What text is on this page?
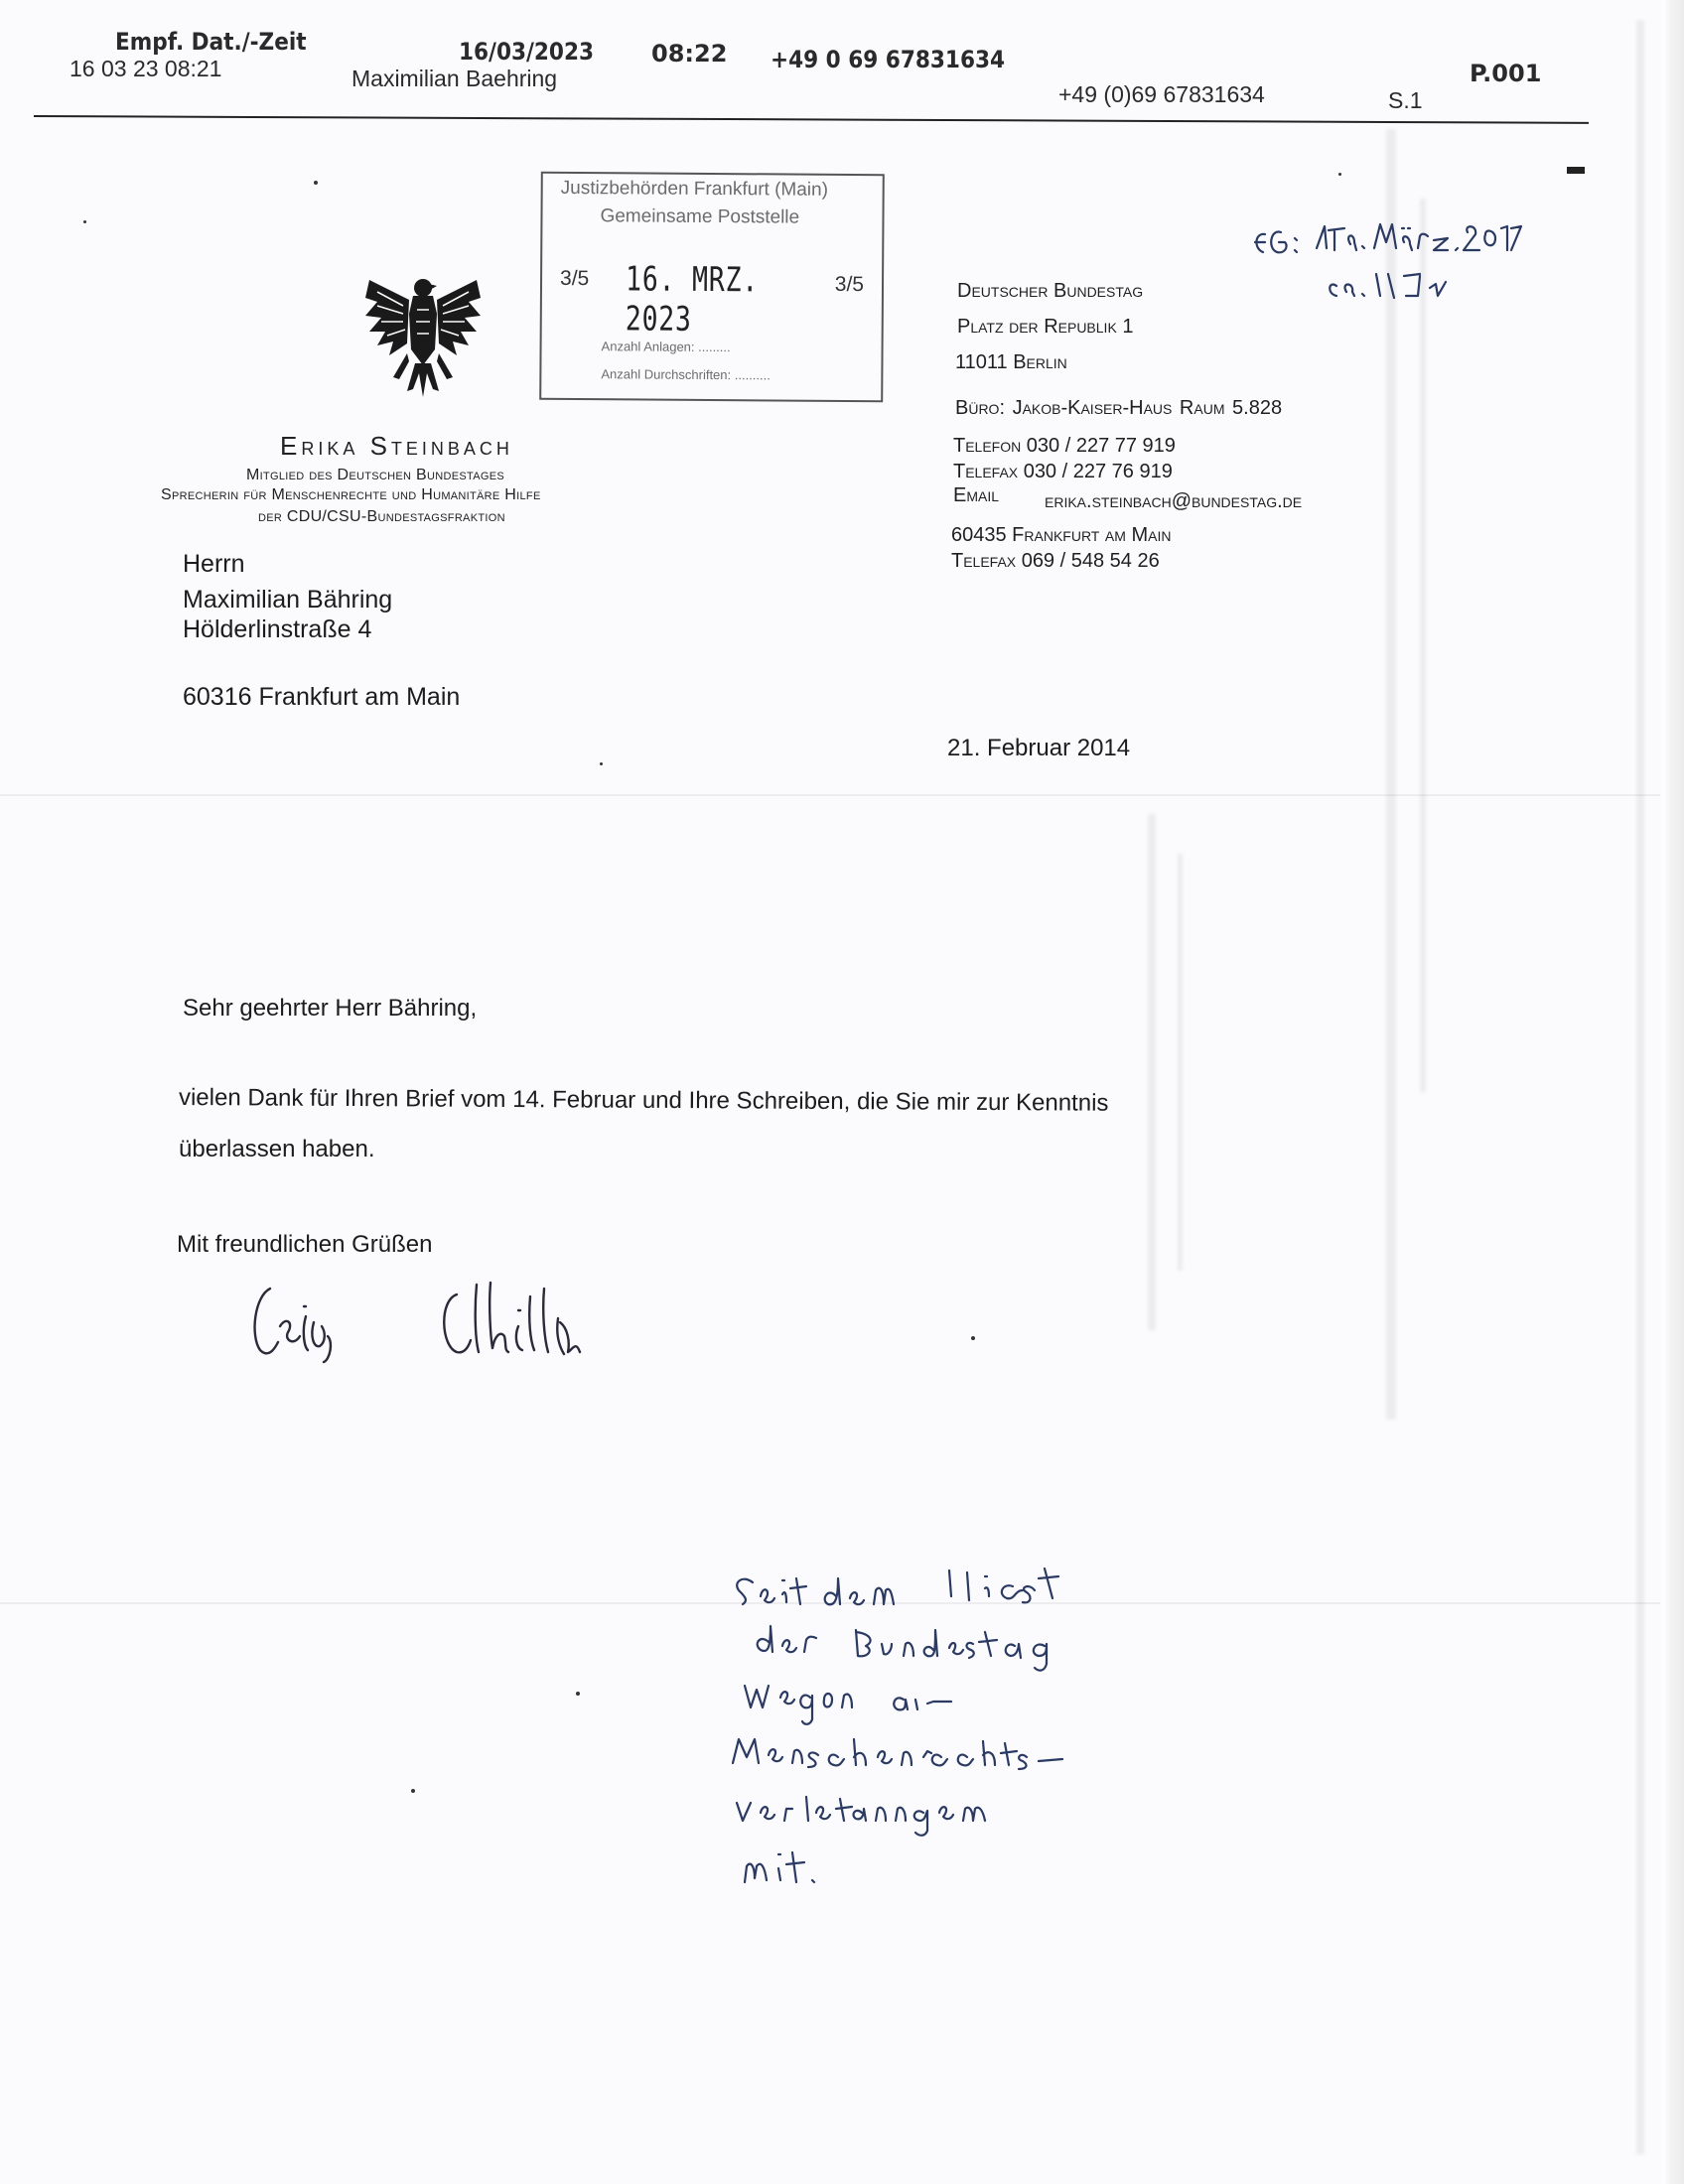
Empf. Dat./-Zeit
16 03 23 08:21
16/03/2023 08:22 +49 0 69 67831634
Maximilian Baehring
+49 (0)69 67831634	S.1
P.001
Justizbehörden Frankfurt (Main)
Gemeinsame Poststelle
3/5 16. MRZ. 2023
3/5
Anzahl Anlagen: .........
Anzahl Durchschriften: ..........
Erika Steinbach
Mitglied des Deutschen Bundestages
Sprecherin für Menschenrechte und Humanitäre Hilfe
der CDU/CSU-Bundestagsfraktion
Deutscher Bundestag
Platz der Republik 1
11011 Berlin
Büro: Jakob-Kaiser-Haus Raum 5.828
Telefon 030 / 227 77 919
Telefax 030 / 227 76 919
Email erika.steinbach@bundestag.de
60435 Frankfurt am Main
Telefax 069 / 548 54 26
Herrn
Maximilian Bähring
Hölderlinstraße 4
60316 Frankfurt am Main
21. Februar 2014
Sehr geehrter Herr Bähring,
vielen Dank für Ihren Brief vom 14. Februar und Ihre Schreiben, die Sie mir zur Kenntnis
überlassen haben.
Mit freundlichen Grüßen
